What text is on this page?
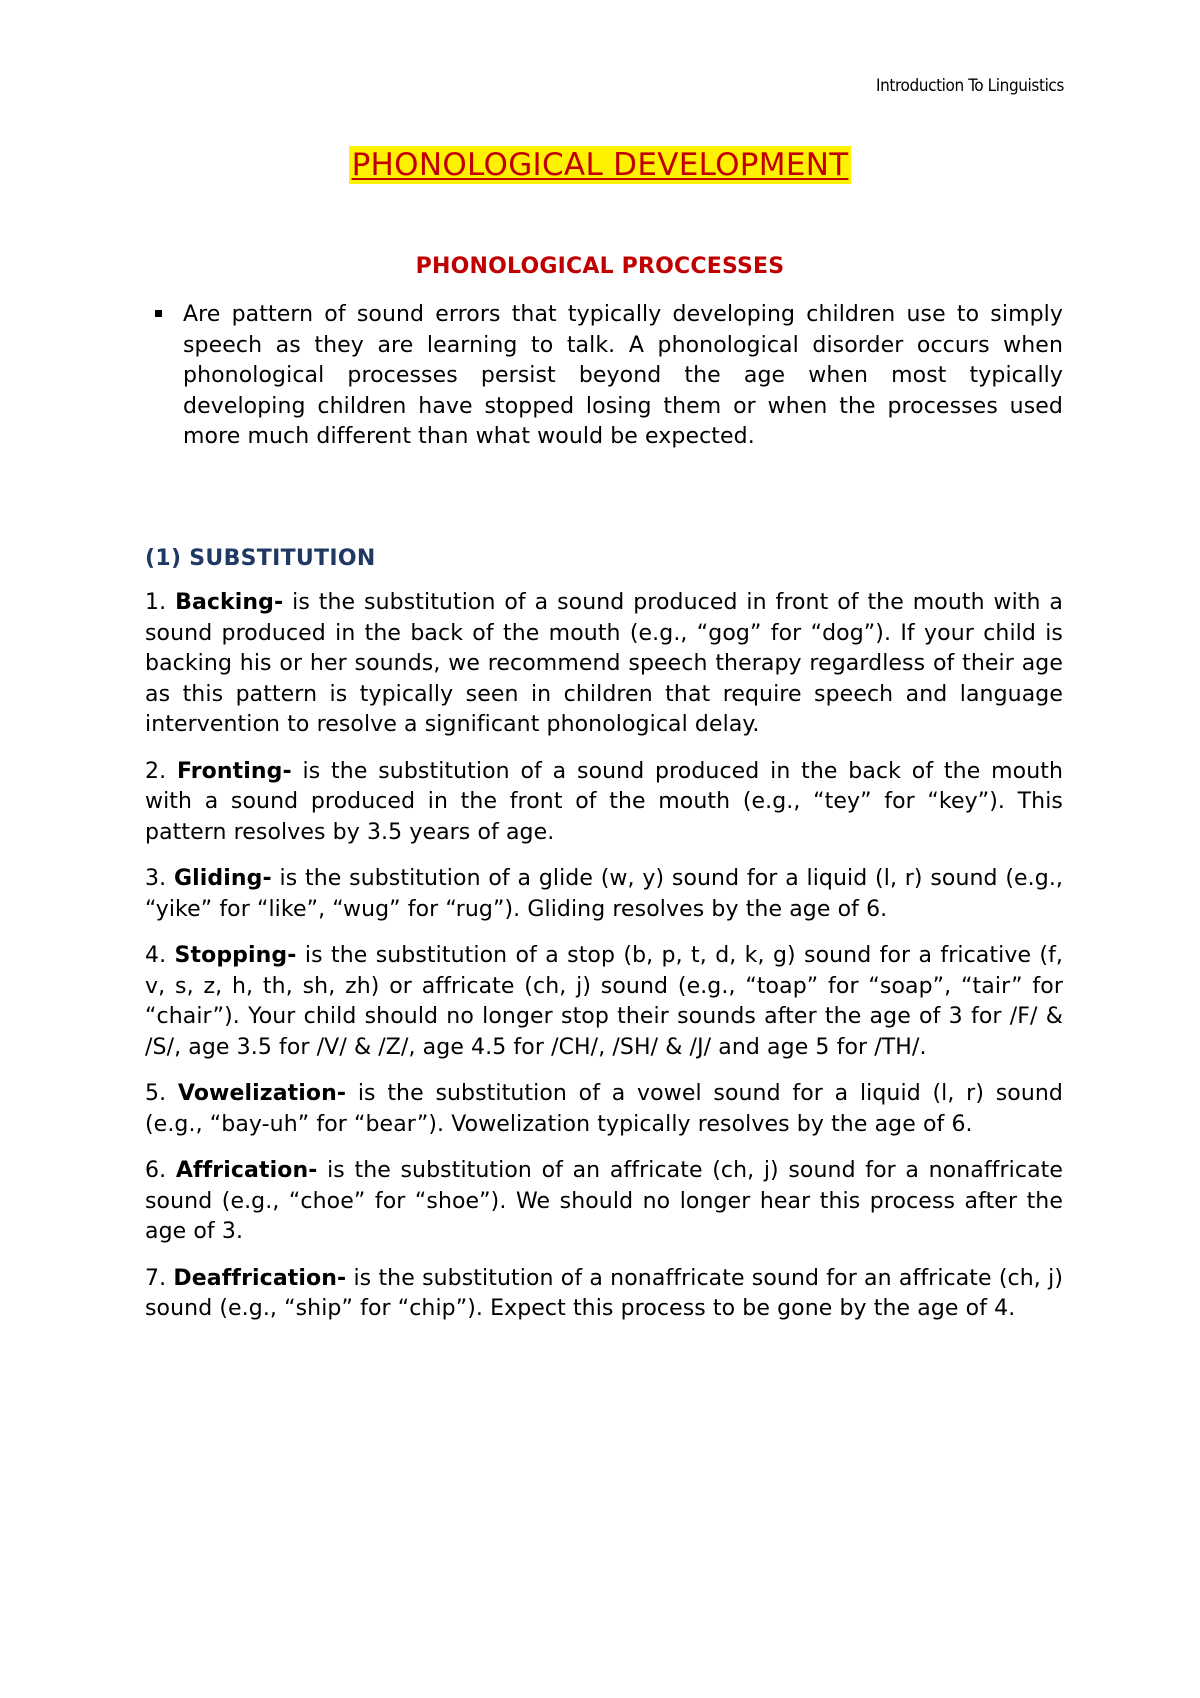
Introduction To Linguistics
PHONOLOGICAL DEVELOPMENT
PHONOLOGICAL PROCCESSES

Are pattern of sound errors that typically developing children use to simply speech as they are learning to talk. A phonological disorder occurs when phonological processes persist beyond the age when most typically developing children have stopped losing them or when the processes used more much different than what would be expected.

(1) SUBSTITUTION

1. Backing- is the substitution of a sound produced in front of the mouth with a sound produced in the back of the mouth (e.g., “gog” for “dog”). If your child is backing his or her sounds, we recommend speech therapy regardless of their age as this pattern is typically seen in children that require speech and language intervention to resolve a significant phonological delay.

2. Fronting- is the substitution of a sound produced in the back of the mouth with a sound produced in the front of the mouth (e.g., “tey” for “key”). This pattern resolves by 3.5 years of age.

3. Gliding- is the substitution of a glide (w, y) sound for a liquid (l, r) sound (e.g., “yike” for “like”, “wug” for “rug”). Gliding resolves by the age of 6.

4. Stopping- is the substitution of a stop (b, p, t, d, k, g) sound for a fricative (f, v, s, z, h, th, sh, zh) or affricate (ch, j) sound (e.g., “toap” for “soap”, “tair” for “chair”). Your child should no longer stop their sounds after the age of 3 for /F/ & /S/, age 3.5 for /V/ & /Z/, age 4.5 for /CH/, /SH/ & /J/ and age 5 for /TH/.

5. Vowelization- is the substitution of a vowel sound for a liquid (l, r) sound (e.g., “bay-uh” for “bear”). Vowelization typically resolves by the age of 6.

6. Affrication- is the substitution of an affricate (ch, j) sound for a nonaffricate sound (e.g., “choe” for “shoe”). We should no longer hear this process after the age of 3.

7. Deaffrication- is the substitution of a nonaffricate sound for an affricate (ch, j) sound (e.g., “ship” for “chip”). Expect this process to be gone by the age of 4.
